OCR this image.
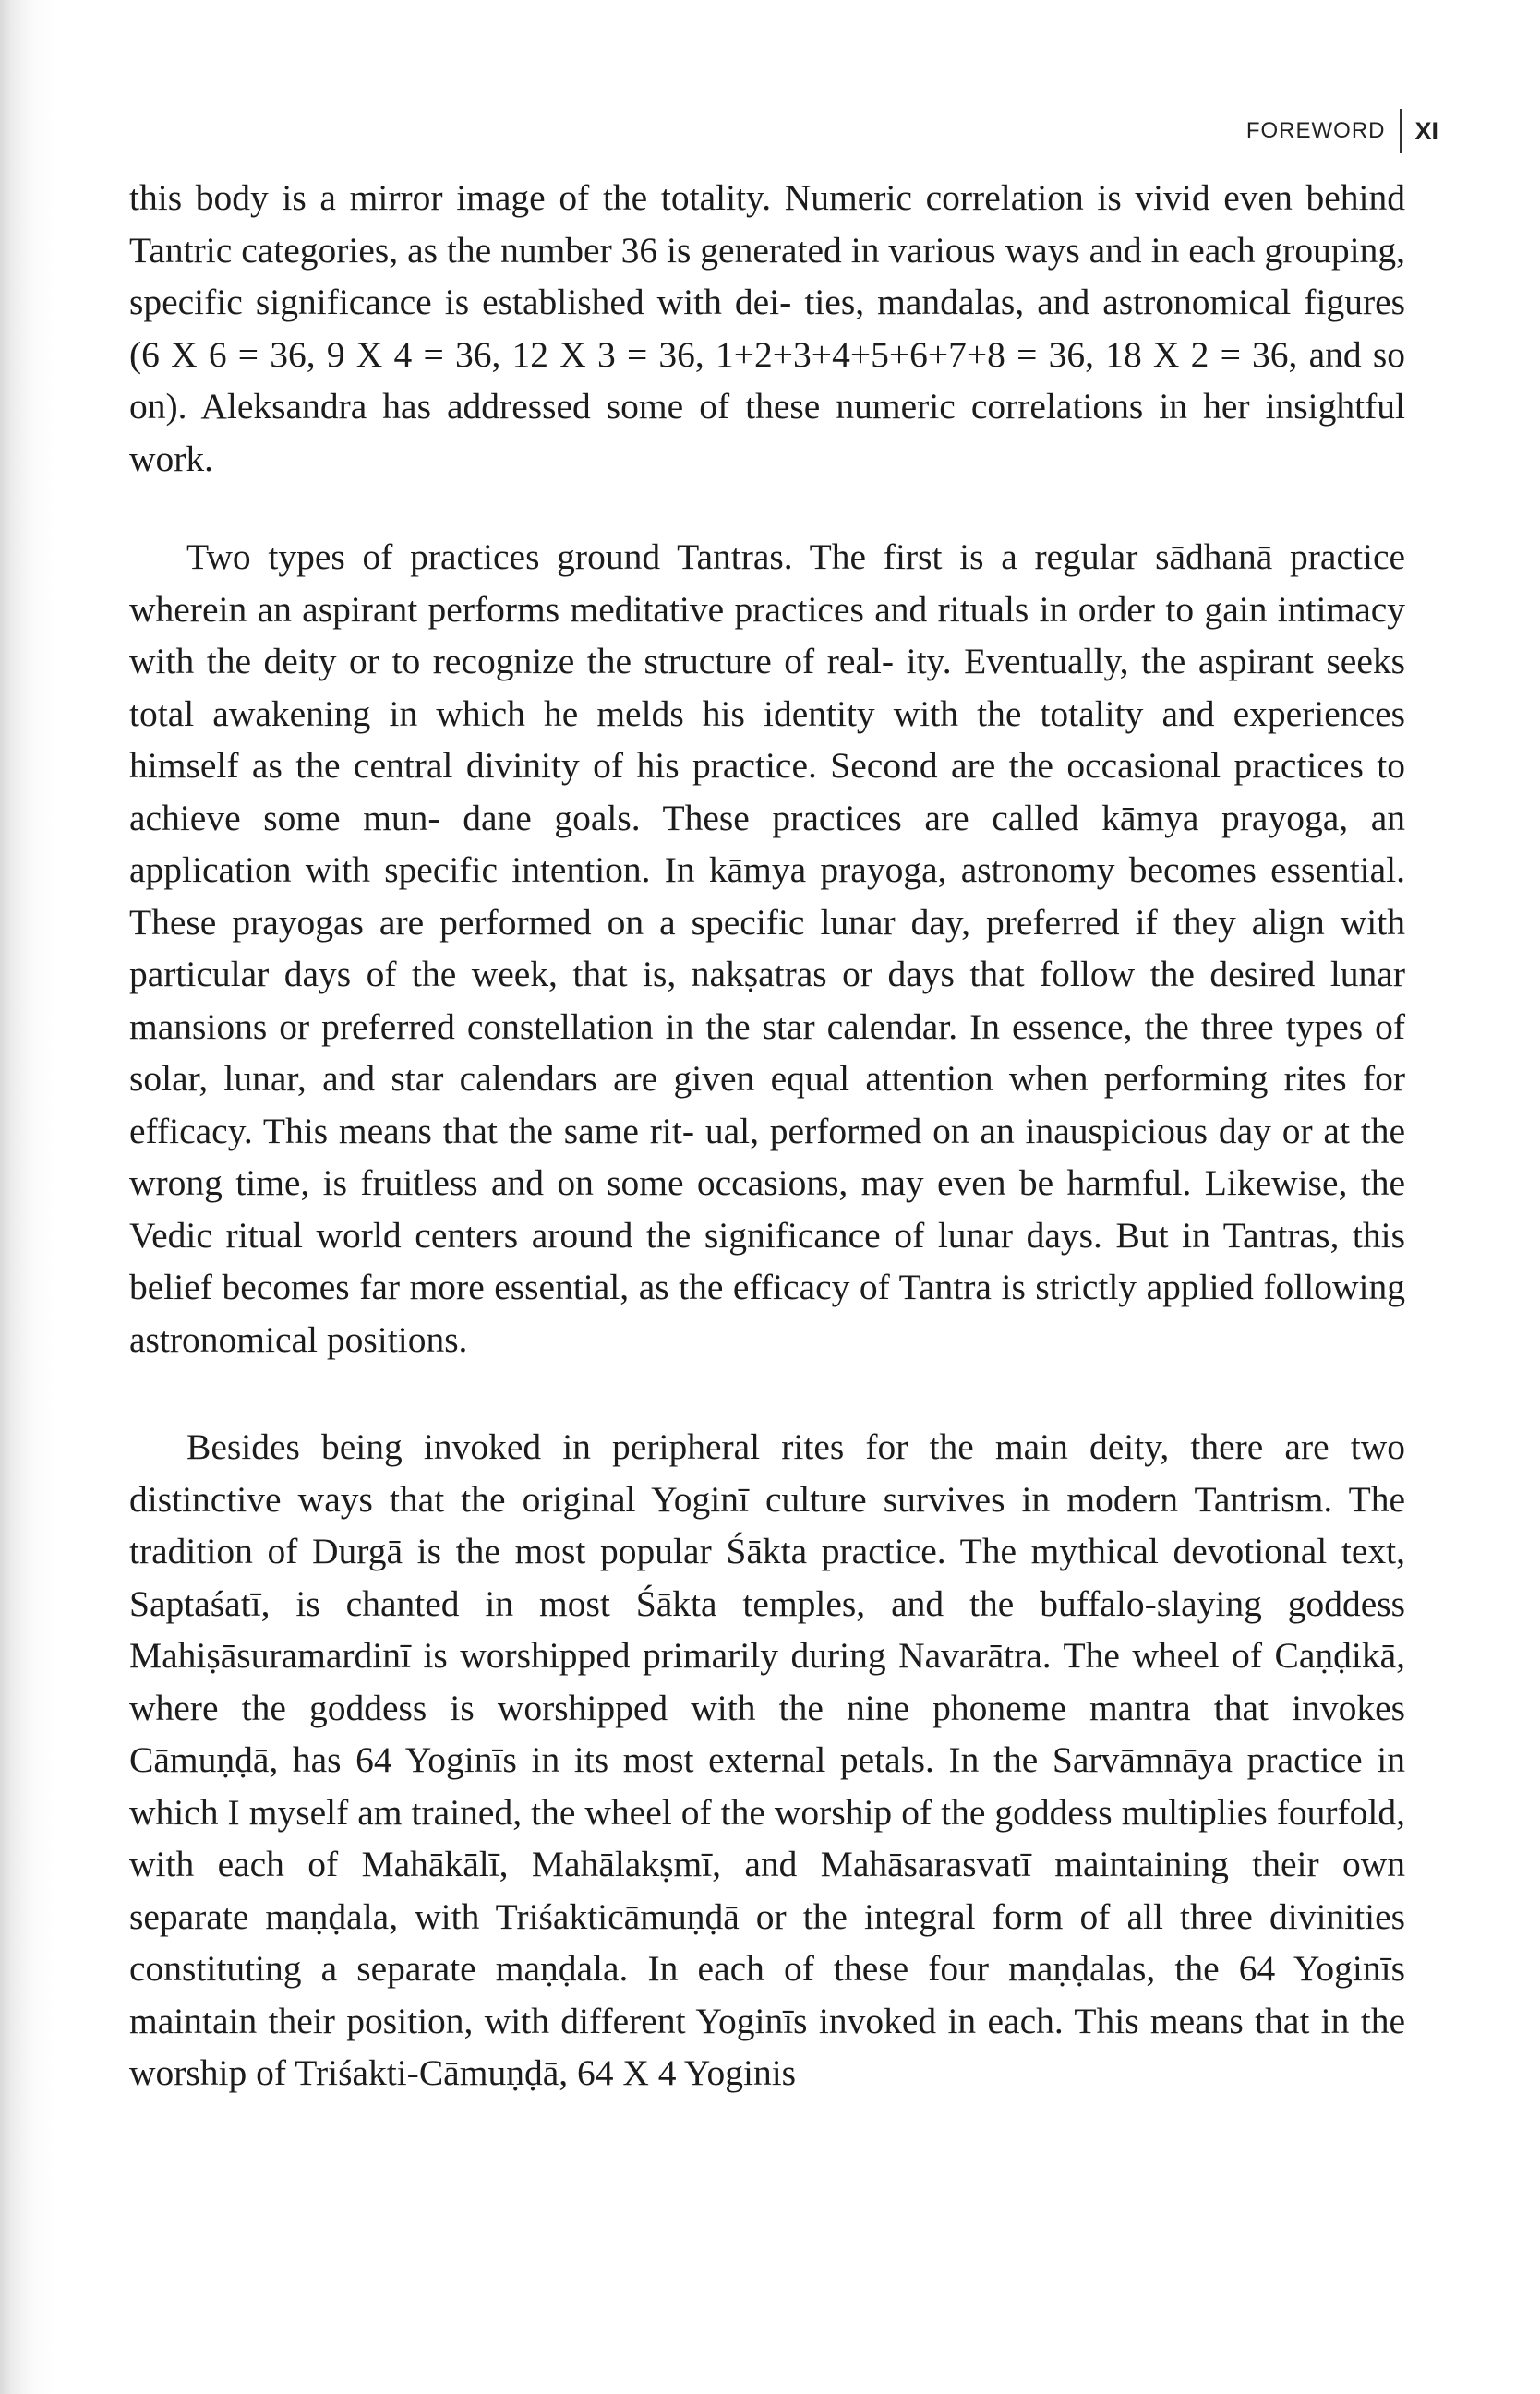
FOREWORD XI

this body is a mirror image of the totality. Numeric correlation is vivid even behind Tantric categories, as the number 36 is generated in various ways and in each grouping, specific significance is established with dei- ties, mandalas, and astronomical figures (6 X 6 = 36, 9 X 4 = 36, 12 X 3 = 36, 1+2+3+4+5+6+7+8 = 36, 18 X 2 = 36, and so on). Aleksandra has addressed some of these numeric correlations in her insightful work.

Two types of practices ground Tantras. The first is a regular sādhanā practice wherein an aspirant performs meditative practices and rituals in order to gain intimacy with the deity or to recognize the structure of real- ity. Eventually, the aspirant seeks total awakening in which he melds his identity with the totality and experiences himself as the central divinity of his practice. Second are the occasional practices to achieve some mun- dane goals. These practices are called kāmya prayoga, an application with specific intention. In kāmya prayoga, astronomy becomes essential. These prayogas are performed on a specific lunar day, preferred if they align with particular days of the week, that is, nakṣatras or days that follow the desired lunar mansions or preferred constellation in the star calendar. In essence, the three types of solar, lunar, and star calendars are given equal attention when performing rites for efficacy. This means that the same rit- ual, performed on an inauspicious day or at the wrong time, is fruitless and on some occasions, may even be harmful. Likewise, the Vedic ritual world centers around the significance of lunar days. But in Tantras, this belief becomes far more essential, as the efficacy of Tantra is strictly applied following astronomical positions.

Besides being invoked in peripheral rites for the main deity, there are two distinctive ways that the original Yoginī culture survives in modern Tantrism. The tradition of Durgā is the most popular Śākta practice. The mythical devotional text, Saptaśatī, is chanted in most Śākta temples, and the buffalo-slaying goddess Mahiṣāsuramardinī is worshipped primarily during Navarātra. The wheel of Caṇḍikā, where the goddess is worshipped with the nine phoneme mantra that invokes Cāmuṇḍā, has 64 Yoginīs in its most external petals. In the Sarvāmnāya practice in which I myself am trained, the wheel of the worship of the goddess multiplies fourfold, with each of Mahākālī, Mahālakṣmī, and Mahāsarasvatī maintaining their own separate maṇḍala, with Triśakticāmuṇḍā or the integral form of all three divinities constituting a separate maṇḍala. In each of these four maṇḍalas, the 64 Yoginīs maintain their position, with different Yoginīs invoked in each. This means that in the worship of Triśakti-Cāmuṇḍā, 64 X 4 Yoginis
